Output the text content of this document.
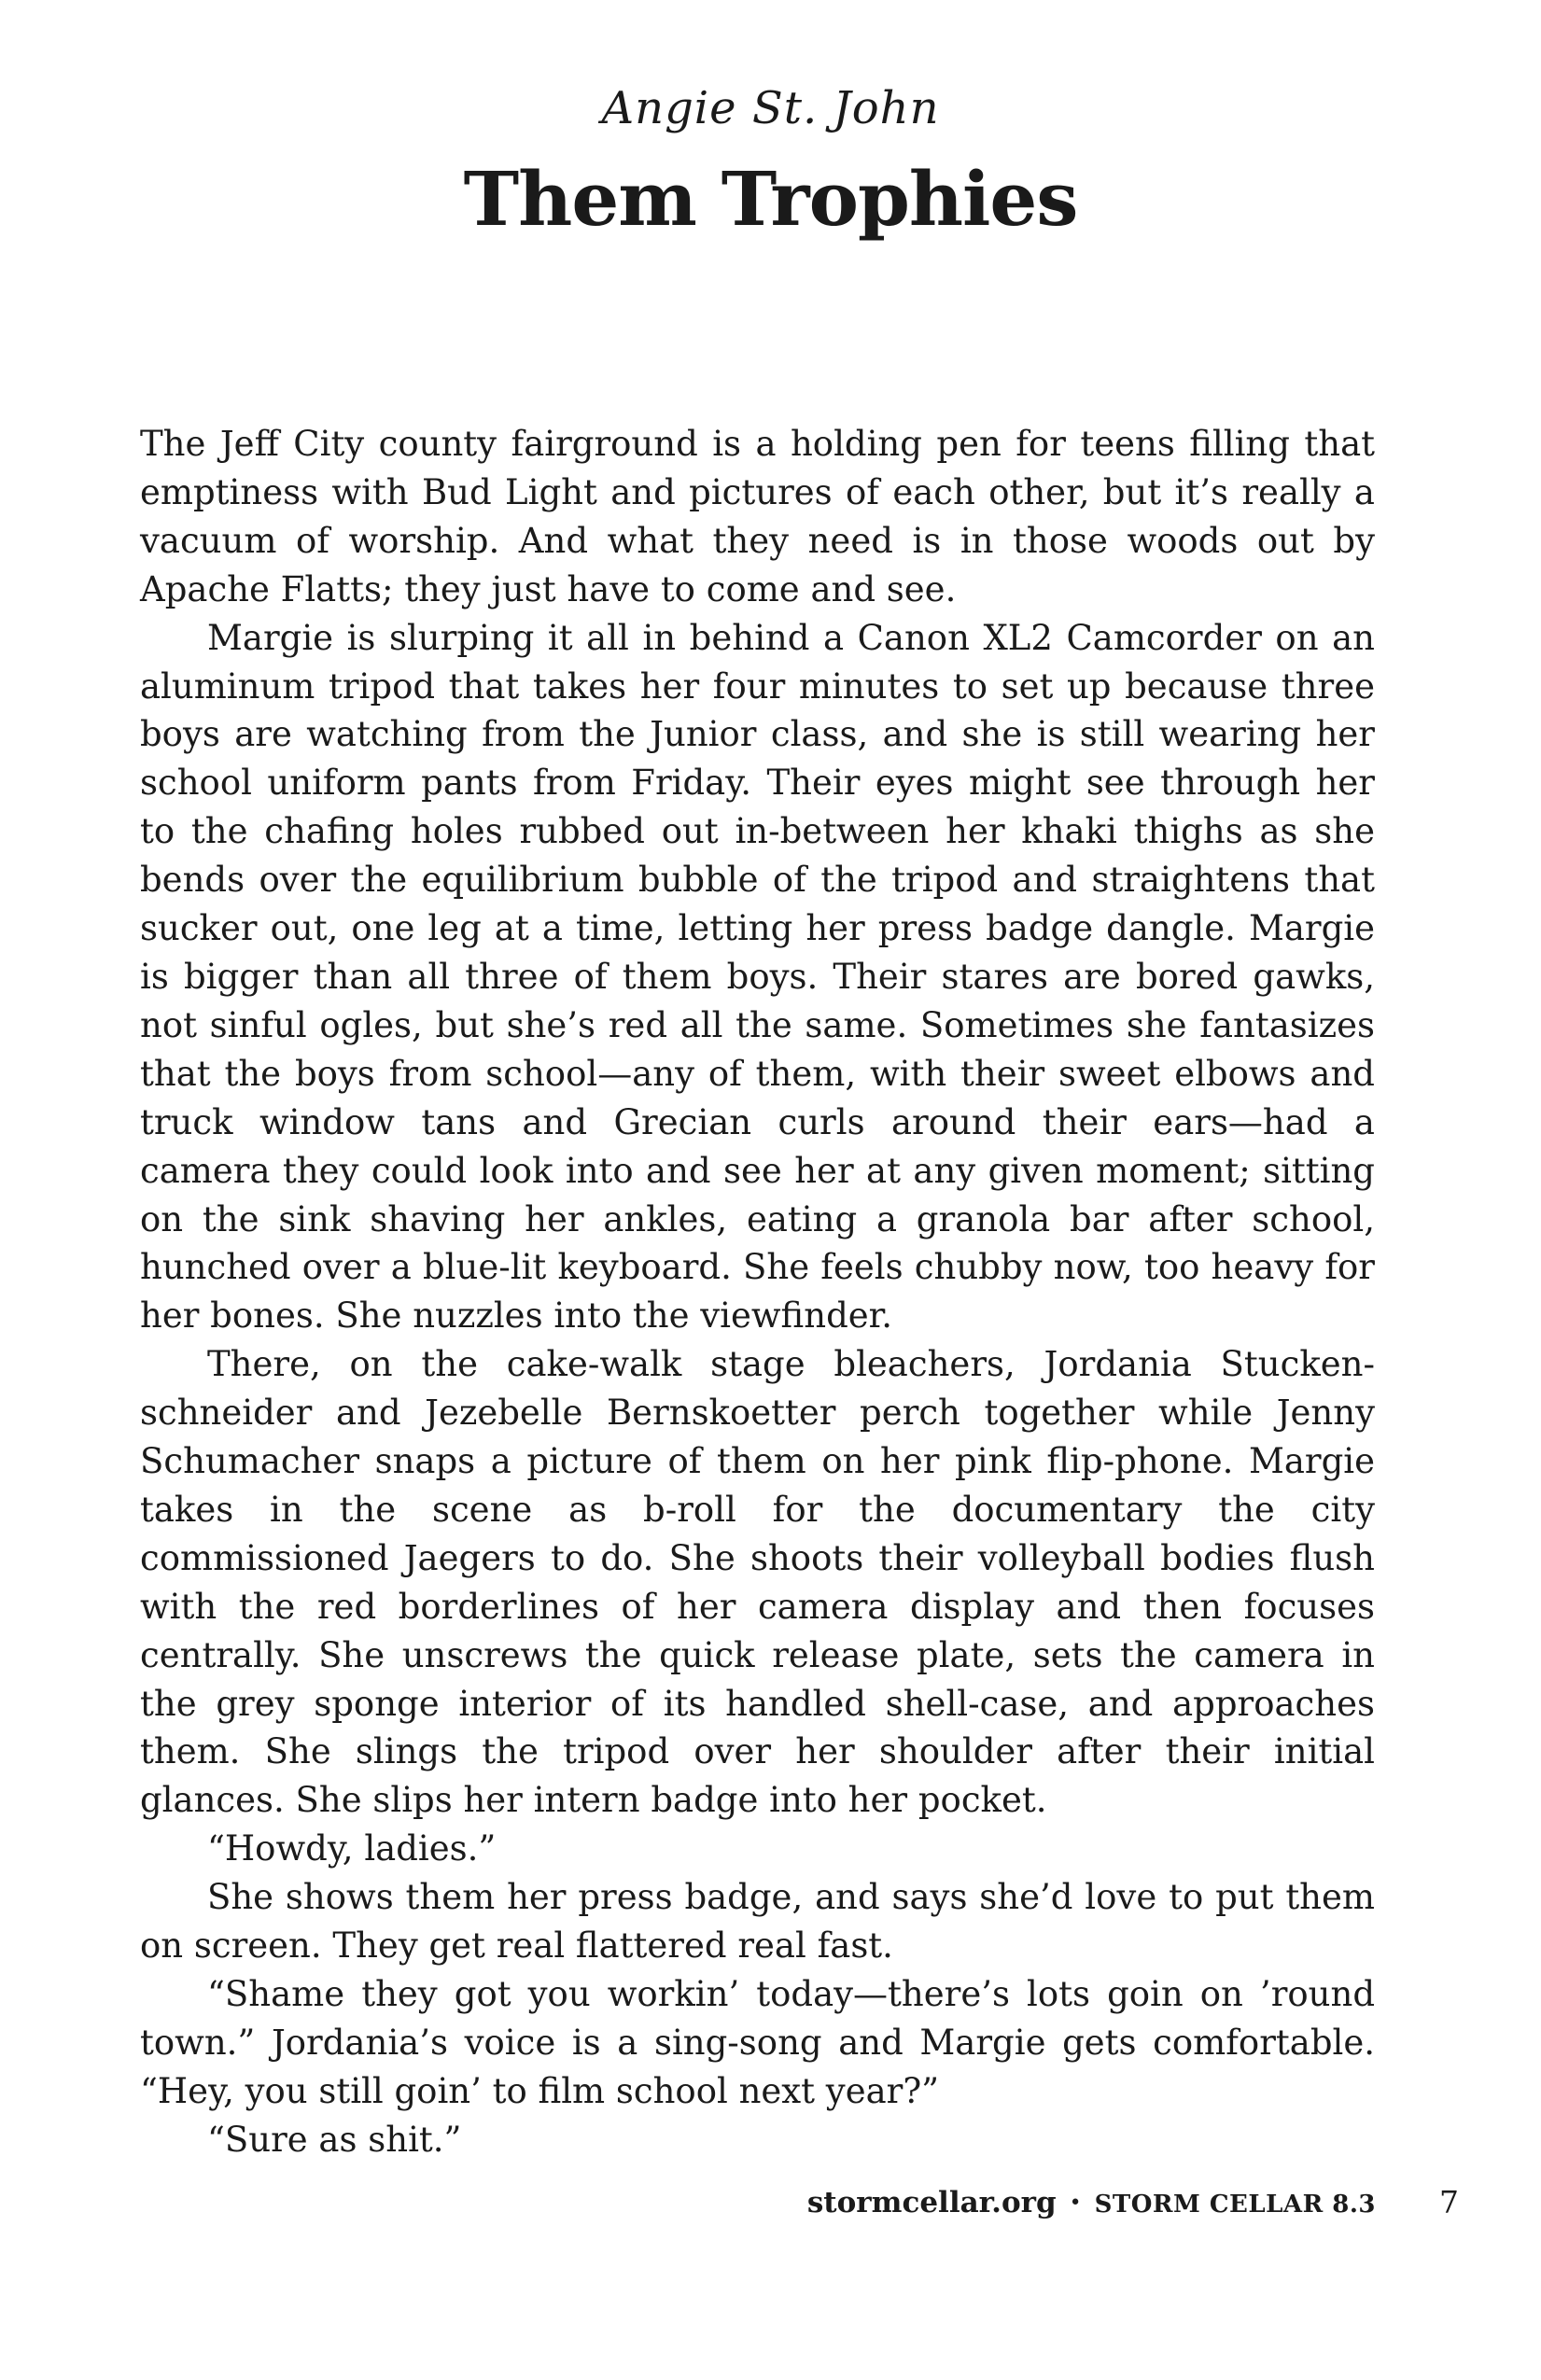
Angie St. John
Them Trophies

The Jeff City county fairground is a holding pen for teens filling that emptiness with Bud Light and pictures of each other, but it’s really a vacuum of worship. And what they need is in those woods out by Apache Flatts; they just have to come and see.

Margie is slurping it all in behind a Canon XL2 Camcorder on an aluminum tripod that takes her four minutes to set up because three boys are watching from the Junior class, and she is still wearing her school uniform pants from Friday. Their eyes might see through her to the chafing holes rubbed out in-between her khaki thighs as she bends over the equilibrium bubble of the tripod and straightens that sucker out, one leg at a time, letting her press badge dangle. Margie is bigger than all three of them boys. Their stares are bored gawks, not sinful ogles, but she’s red all the same. Sometimes she fantasizes that the boys from school—any of them, with their sweet elbows and truck window tans and Grecian curls around their ears—had a camera they could look into and see her at any given moment; sitting on the sink shaving her ankles, eating a granola bar after school, hunched over a blue-lit keyboard. She feels chubby now, too heavy for her bones. She nuzzles into the viewfinder.

There, on the cake-walk stage bleachers, Jordania Stuckenschneider and Jezebelle Bernskoetter perch together while Jenny Schumacher snaps a picture of them on her pink flip-phone. Margie takes in the scene as b-roll for the documentary the city commissioned Jaegers to do. She shoots their volleyball bodies flush with the red borderlines of her camera display and then focuses centrally. She unscrews the quick release plate, sets the camera in the grey sponge interior of its handled shell-case, and approaches them. She slings the tripod over her shoulder after their initial glances. She slips her intern badge into her pocket.

“Howdy, ladies.”

She shows them her press badge, and says she’d love to put them on screen. They get real flattered real fast.

“Shame they got you workin’ today—there’s lots goin on ’round town.” Jordania’s voice is a sing-song and Margie gets comfortable. “Hey, you still goin’ to film school next year?”

“Sure as shit.”

stormcellar.org • STORM CELLAR 8.3 7
